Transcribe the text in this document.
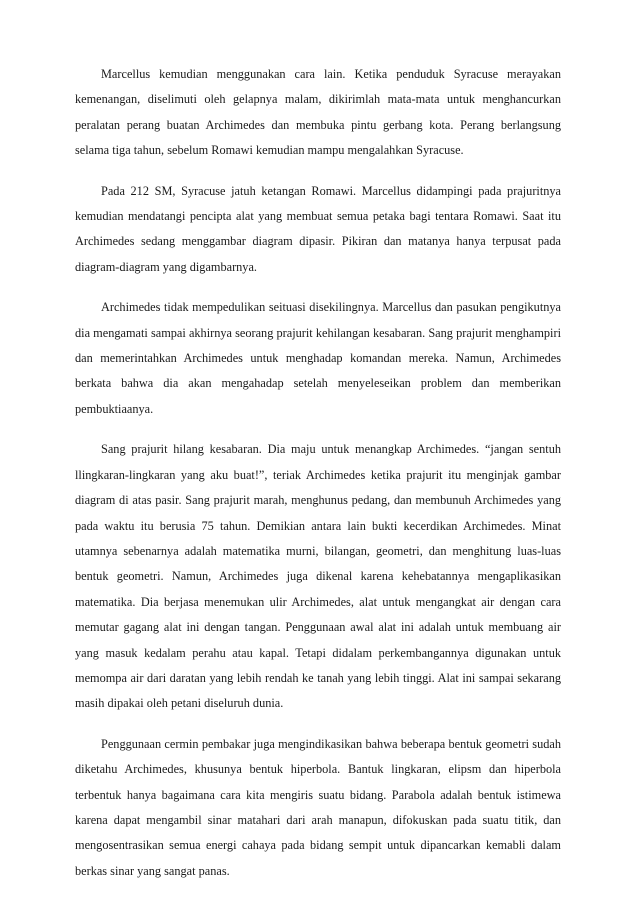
Marcellus kemudian menggunakan cara lain. Ketika penduduk Syracuse merayakan kemenangan, diselimuti oleh gelapnya malam, dikirimlah mata-mata untuk menghancurkan peralatan perang buatan Archimedes dan membuka pintu gerbang kota. Perang berlangsung selama tiga tahun, sebelum Romawi kemudian mampu mengalahkan Syracuse.

Pada 212 SM, Syracuse jatuh ketangan Romawi. Marcellus didampingi pada prajuritnya kemudian mendatangi pencipta alat yang membuat semua petaka bagi tentara Romawi. Saat itu Archimedes sedang menggambar diagram dipasir. Pikiran dan matanya hanya terpusat pada diagram-diagram yang digambarnya.

Archimedes tidak mempedulikan seituasi disekilingnya. Marcellus dan pasukan pengikutnya dia mengamati sampai akhirnya seorang prajurit kehilangan kesabaran. Sang prajurit menghampiri dan memerintahkan Archimedes untuk menghadap komandan mereka. Namun, Archimedes berkata bahwa dia akan mengahadap setelah menyeleseikan problem dan memberikan pembuktiaanya.

Sang prajurit hilang kesabaran. Dia maju untuk menangkap Archimedes. “jangan sentuh llingkaran-lingkaran yang aku buat!”, teriak Archimedes ketika prajurit itu menginjak gambar diagram di atas pasir. Sang prajurit marah, menghunus pedang, dan membunuh Archimedes yang pada waktu itu berusia 75 tahun. Demikian antara lain bukti kecerdikan Archimedes. Minat utamnya sebenarnya adalah matematika murni, bilangan, geometri, dan menghitung luas-luas bentuk geometri. Namun, Archimedes juga dikenal karena kehebatannya mengaplikasikan matematika. Dia berjasa menemukan ulir Archimedes, alat untuk mengangkat air dengan cara memutar gagang alat ini dengan tangan. Penggunaan awal alat ini adalah untuk membuang air yang masuk kedalam perahu atau kapal. Tetapi didalam perkembangannya digunakan untuk memompa air dari daratan yang lebih rendah ke tanah yang lebih tinggi. Alat ini sampai sekarang masih dipakai oleh petani diseluruh dunia.

Penggunaan cermin pembakar juga mengindikasikan bahwa beberapa bentuk geometri sudah diketahu Archimedes, khusunya bentuk hiperbola. Bantuk lingkaran, elipsm dan hiperbola terbentuk hanya bagaimana cara kita mengiris suatu bidang. Parabola adalah bentuk istimewa karena dapat mengambil sinar matahari dari arah manapun, difokuskan pada suatu titik, dan mengosentrasikan semua energi cahaya pada bidang sempit untuk dipancarkan kemabli dalam berkas sinar yang sangat panas.
